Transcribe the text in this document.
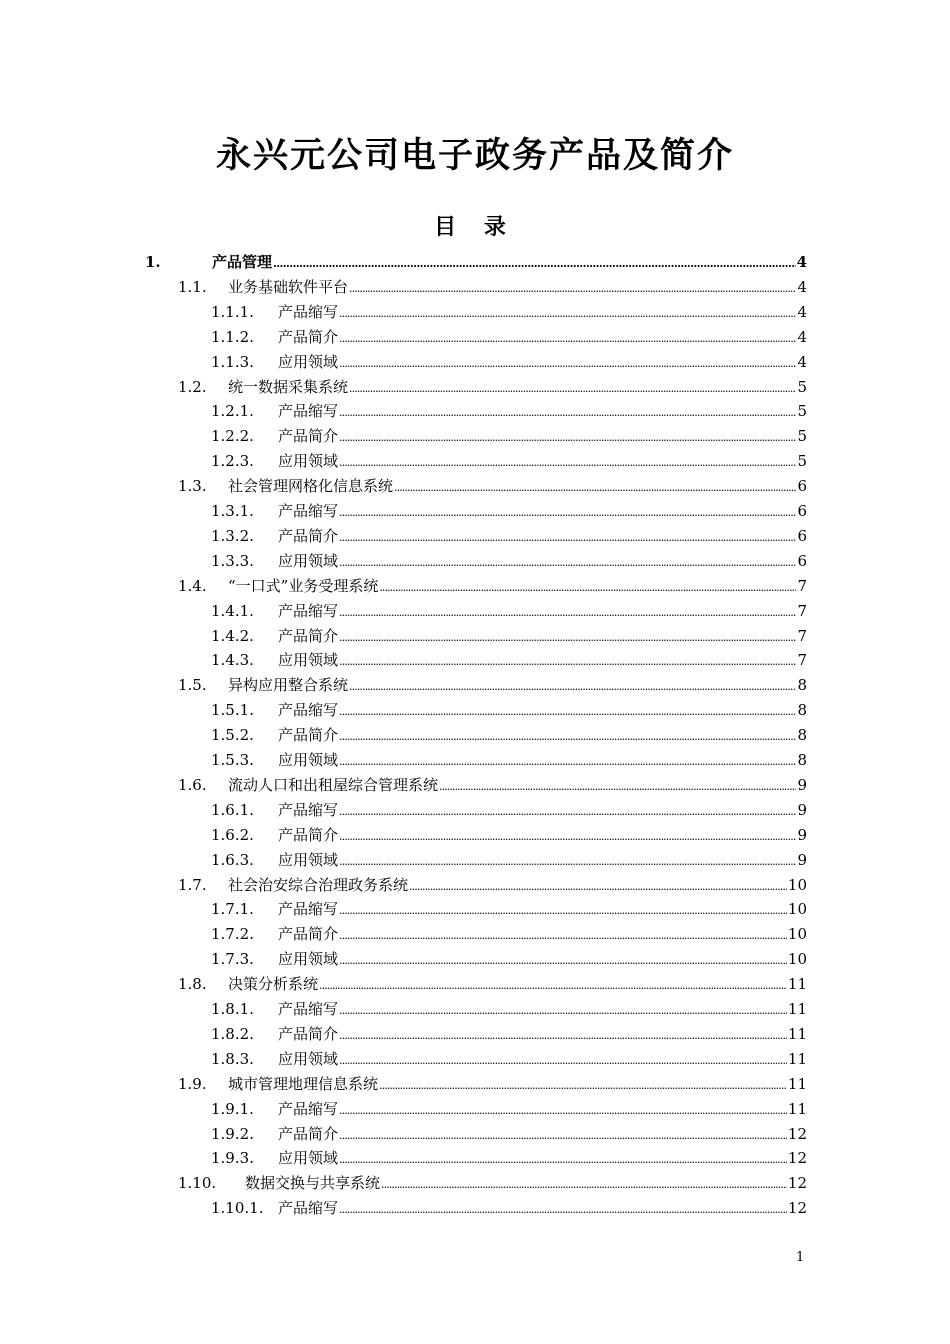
永兴元公司电子政务产品及简介
目 录
1.	产品管理 . . .	4
1.1.	业务基础软件平台 . . .	4
1.1.1.	产品缩写 . . .	4
1.1.2.	产品简介 . . .	4
1.1.3.	应用领域 . . .	4
1.2.	统一数据采集系统 . . .	5
1.2.1.	产品缩写 . . .	5
1.2.2.	产品简介 . . .	5
1.2.3.	应用领域 . . .	5
1.3.	社会管理网格化信息系统 . . .	6
1.3.1.	产品缩写 . . .	6
1.3.2.	产品简介 . . .	6
1.3.3.	应用领域 . . .	6
1.4.	“一口式”业务受理系统 . . .	7
1.4.1.	产品缩写 . . .	7
1.4.2.	产品简介 . . .	7
1.4.3.	应用领域 . . .	7
1.5.	异构应用整合系统 . . .	8
1.5.1.	产品缩写 . . .	8
1.5.2.	产品简介 . . .	8
1.5.3.	应用领域 . . .	8
1.6.	流动人口和出租屋综合管理系统 . . .	9
1.6.1.	产品缩写 . . .	9
1.6.2.	产品简介 . . .	9
1.6.3.	应用领域 . . .	9
1.7.	社会治安综合治理政务系统 . . .	10
1.7.1.	产品缩写 . . .	10
1.7.2.	产品简介 . . .	10
1.7.3.	应用领域 . . .	10
1.8.	决策分析系统 . . .	11
1.8.1.	产品缩写 . . .	11
1.8.2.	产品简介 . . .	11
1.8.3.	应用领域 . . .	11
1.9.	城市管理地理信息系统 . . .	11
1.9.1.	产品缩写 . . .	11
1.9.2.	产品简介 . . .	12
1.9.3.	应用领域 . . .	12
1.10.	数据交换与共享系统 . . .	12
1.10.1. 产品缩写 . . .	12
1
